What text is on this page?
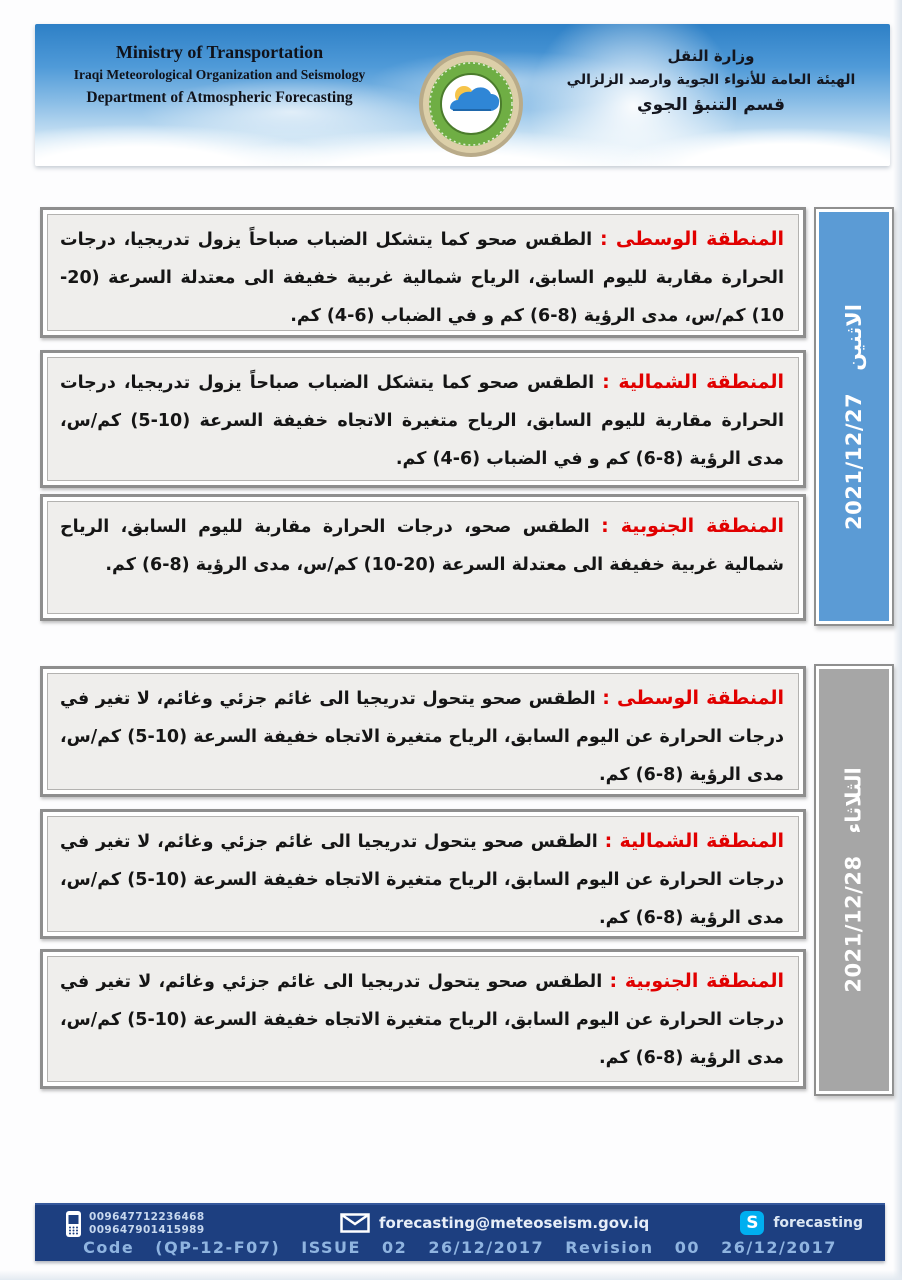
Ministry of Transportation
Iraqi Meteorological Organization and Seismology
Department of Atmospheric Forecasting
وزارة النقل
الهيئة العامة للأنواء الجوية وارصد الزلزالي
قسم التنبؤ الجوي

المنطقة الوسطى : الطقس صحو كما يتشكل الضباب صباحاً يزول تدريجيا، درجات الحرارة مقاربة لليوم السابق، الرياح شمالية غربية خفيفة الى معتدلة السرعة (20-10) كم/س، مدى الرؤية (8-6) كم و في الضباب (6-4) كم.

المنطقة الشمالية : الطقس صحو كما يتشكل الضباب صباحاً يزول تدريجيا، درجات الحرارة مقاربة لليوم السابق، الرياح متغيرة الاتجاه خفيفة السرعة (10-5) كم/س، مدى الرؤية (8-6) كم و في الضباب (6-4) كم.

المنطقة الجنوبية : الطقس صحو، درجات الحرارة مقاربة لليوم السابق، الرياح شمالية غربية خفيفة الى معتدلة السرعة (20-10) كم/س، مدى الرؤية (8-6) كم.

الاثنين
2021/12/27

المنطقة الوسطى : الطقس صحو يتحول تدريجيا الى غائم جزئي وغائم، لا تغير في درجات الحرارة عن اليوم السابق، الرياح متغيرة الاتجاه خفيفة السرعة (10-5) كم/س، مدى الرؤية (8-6) كم.

المنطقة الشمالية : الطقس صحو يتحول تدريجيا الى غائم جزئي وغائم، لا تغير في درجات الحرارة عن اليوم السابق، الرياح متغيرة الاتجاه خفيفة السرعة (10-5) كم/س، مدى الرؤية (8-6) كم.

المنطقة الجنوبية : الطقس صحو يتحول تدريجيا الى غائم جزئي وغائم، لا تغير في درجات الحرارة عن اليوم السابق، الرياح متغيرة الاتجاه خفيفة السرعة (10-5) كم/س، مدى الرؤية (8-6) كم.

الثلاثاء
2021/12/28
009647712236468
009647901415989	forecasting@meteoseism.gov.iq	S	forecasting
Code (QP-12-F07) ISSUE 02 26/12/2017 Revision 00 26/12/2017
